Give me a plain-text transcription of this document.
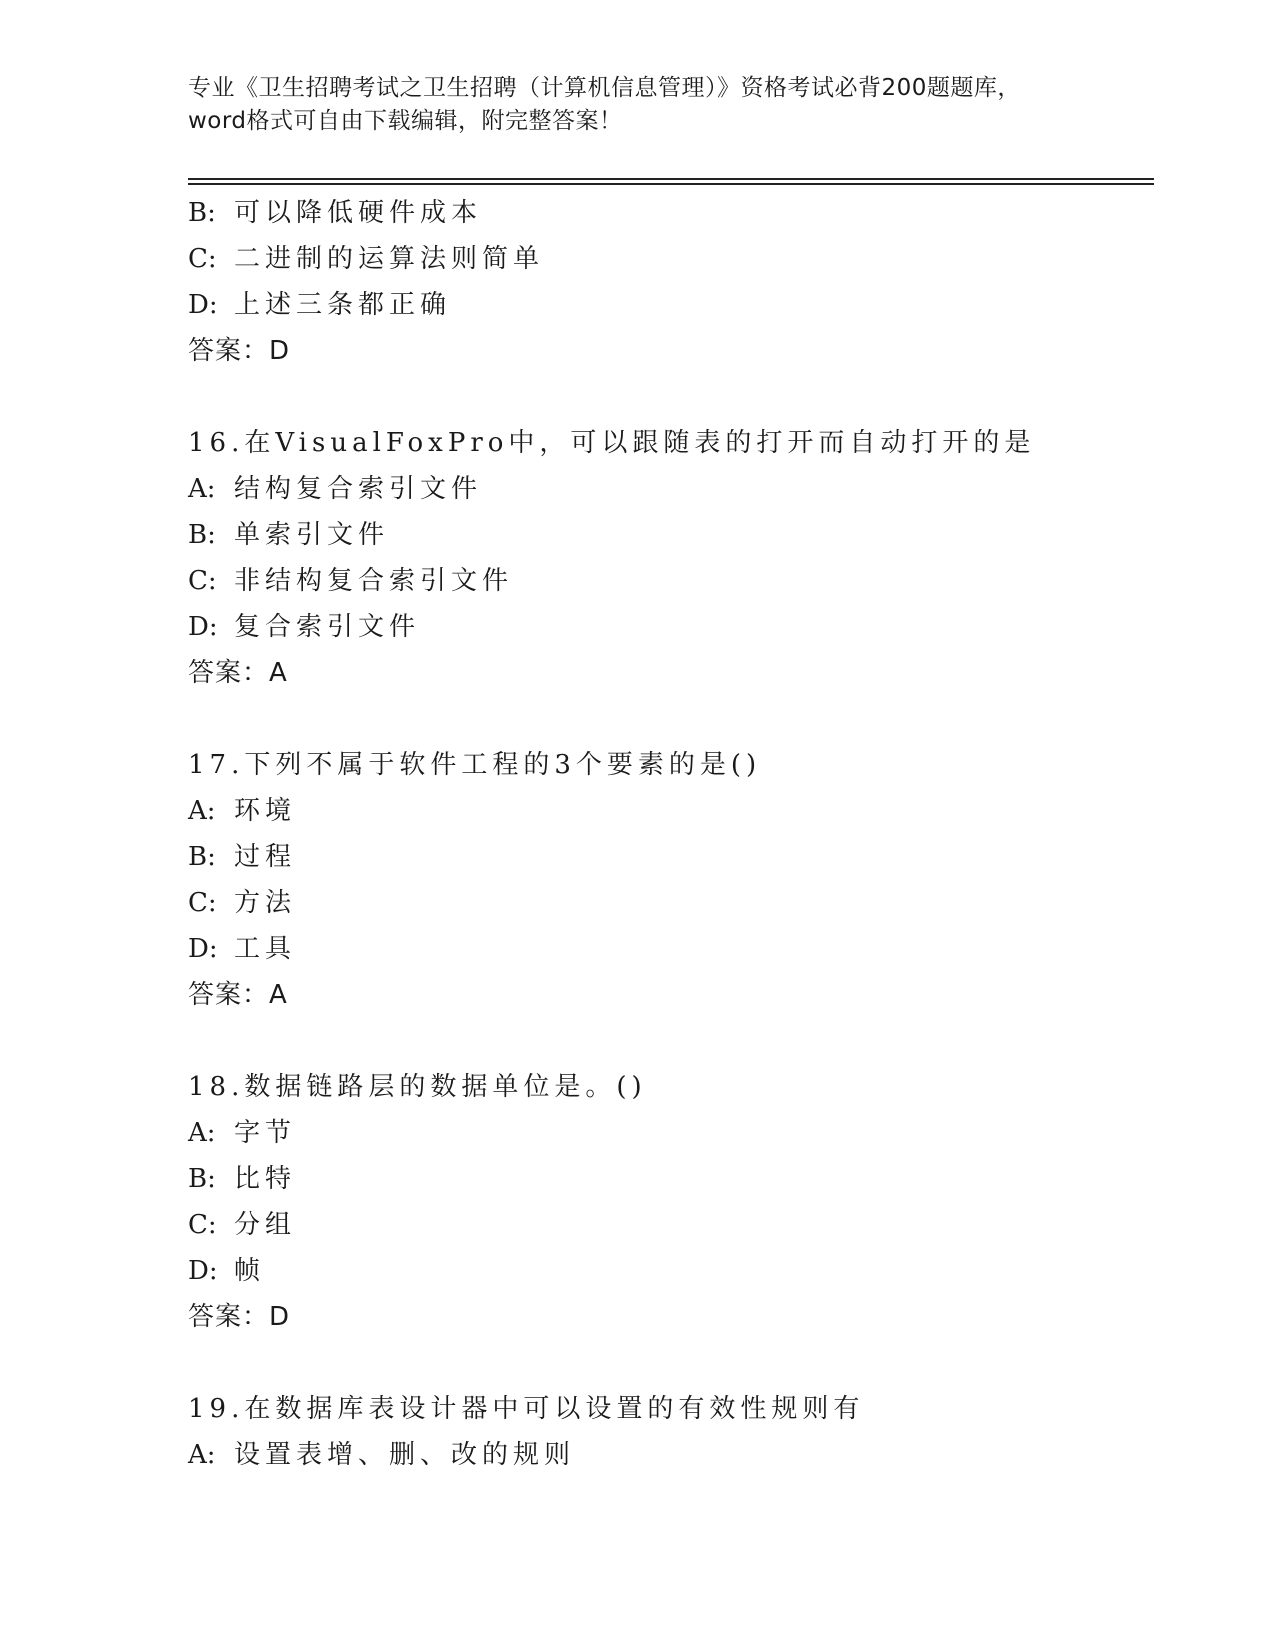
专业《卫生招聘考试之卫生招聘（计算机信息管理）》资格考试必背200题题库，

word格式可自由下载编辑，附完整答案！

B: 可以降低硬件成本
C: 二进制的运算法则简单
D: 上述三条都正确
答案：D
16.在VisualFoxPro中，可以跟随表的打开而自动打开的是
A: 结构复合索引文件
B: 单索引文件
C: 非结构复合索引文件
D: 复合索引文件
答案：A
17.下列不属于软件工程的3个要素的是()
A: 环境
B: 过程
C: 方法
D: 工具
答案：A
18.数据链路层的数据单位是。()
A: 字节
B: 比特
C: 分组
D: 帧
答案：D
19.在数据库表设计器中可以设置的有效性规则有
A: 设置表增、删、改的规则
